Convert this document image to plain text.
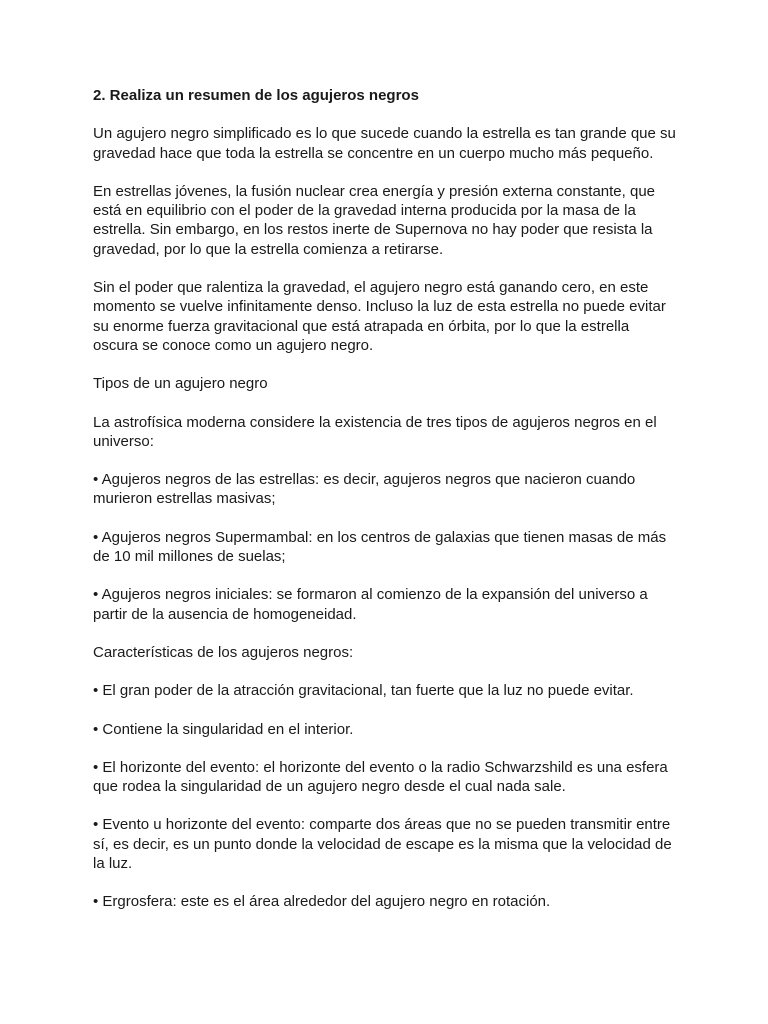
2. Realiza un resumen de los agujeros negros

Un agujero negro simplificado es lo que sucede cuando la estrella es tan grande que su gravedad hace que toda la estrella se concentre en un cuerpo mucho más pequeño.

En estrellas jóvenes, la fusión nuclear crea energía y presión externa constante, que está en equilibrio con el poder de la gravedad interna producida por la masa de la estrella. Sin embargo, en los restos inerte de Supernova no hay poder que resista la gravedad, por lo que la estrella comienza a retirarse.

Sin el poder que ralentiza la gravedad, el agujero negro está ganando cero, en este momento se vuelve infinitamente denso. Incluso la luz de esta estrella no puede evitar su enorme fuerza gravitacional que está atrapada en órbita, por lo que la estrella oscura se conoce como un agujero negro.

Tipos de un agujero negro

La astrofísica moderna considere la existencia de tres tipos de agujeros negros en el universo:

• Agujeros negros de las estrellas: es decir, agujeros negros que nacieron cuando murieron estrellas masivas;

• Agujeros negros Supermambal: en los centros de galaxias que tienen masas de más de 10 mil millones de suelas;

• Agujeros negros iniciales: se formaron al comienzo de la expansión del universo a partir de la ausencia de homogeneidad.

Características de los agujeros negros:

• El gran poder de la atracción gravitacional, tan fuerte que la luz no puede evitar.

• Contiene la singularidad en el interior.

• El horizonte del evento: el horizonte del evento o la radio Schwarzshild es una esfera que rodea la singularidad de un agujero negro desde el cual nada sale.

• Evento u horizonte del evento: comparte dos áreas que no se pueden transmitir entre sí, es decir, es un punto donde la velocidad de escape es la misma que la velocidad de la luz.

• Ergrosfera: este es el área alrededor del agujero negro en rotación.
